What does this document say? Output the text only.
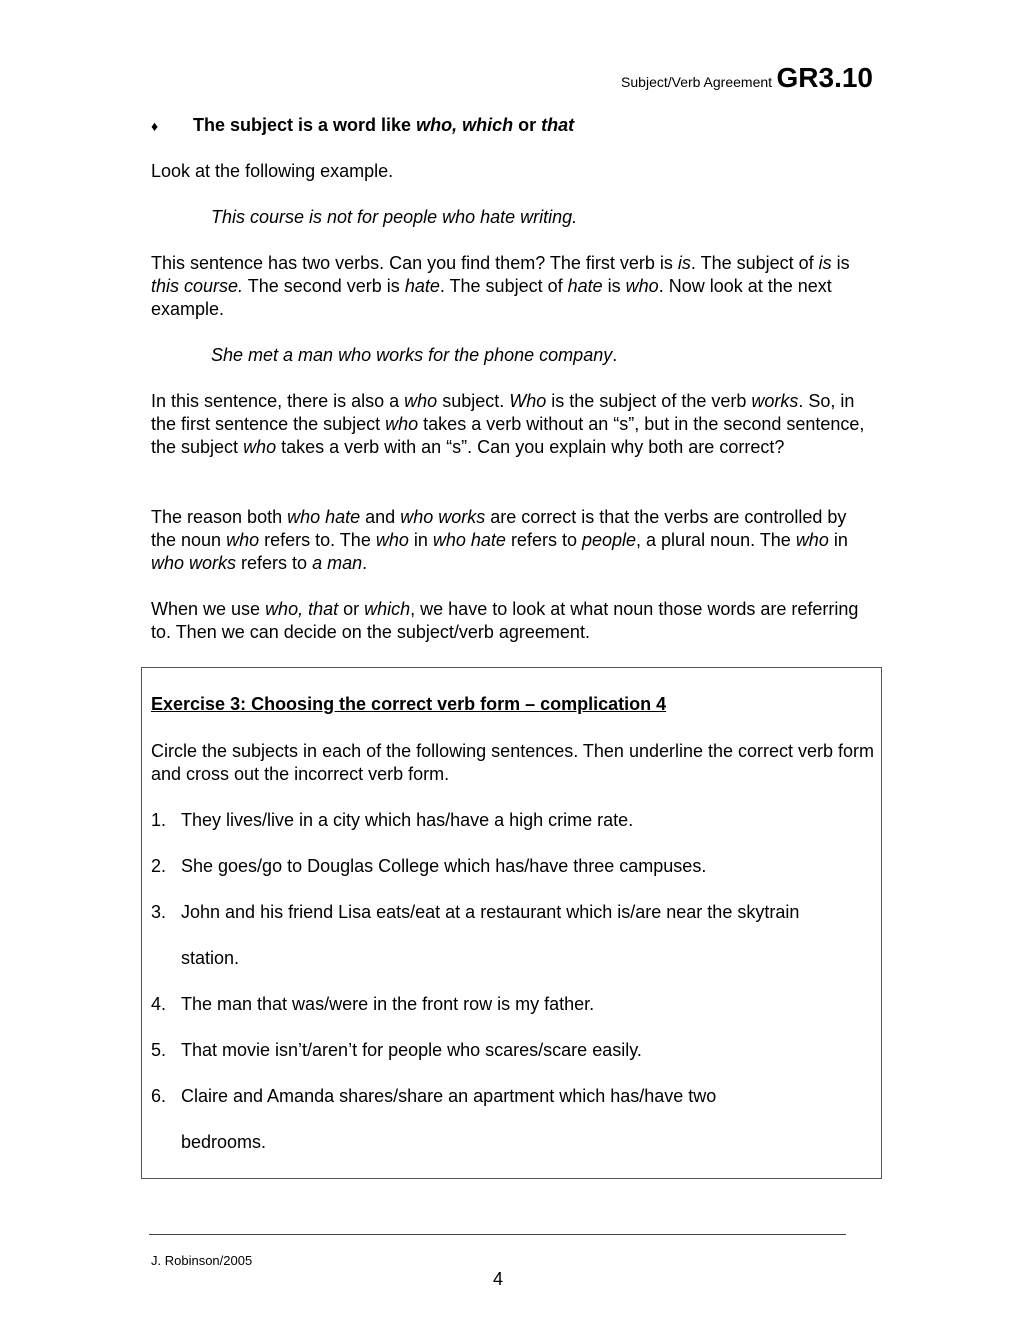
Subject/Verb Agreement GR3.10
♦ The subject is a word like who, which or that
Look at the following example.
This course is not for people who hate writing.
This sentence has two verbs. Can you find them? The first verb is is. The subject of is is this course. The second verb is hate. The subject of hate is who. Now look at the next example.
She met a man who works for the phone company.
In this sentence, there is also a who subject. Who is the subject of the verb works. So, in the first sentence the subject who takes a verb without an “s”, but in the second sentence, the subject who takes a verb with an “s”. Can you explain why both are correct?
The reason both who hate and who works are correct is that the verbs are controlled by the noun who refers to. The who in who hate refers to people, a plural noun. The who in who works refers to a man.
When we use who, that or which, we have to look at what noun those words are referring to. Then we can decide on the subject/verb agreement.
Exercise 3: Choosing the correct verb form – complication 4
Circle the subjects in each of the following sentences. Then underline the correct verb form and cross out the incorrect verb form.
1. They lives/live in a city which has/have a high crime rate.
2. She goes/go to Douglas College which has/have three campuses.
3. John and his friend Lisa eats/eat at a restaurant which is/are near the skytrain
station.
4. The man that was/were in the front row is my father.
5. That movie isn’t/aren’t for people who scares/scare easily.
6. Claire and Amanda shares/share an apartment which has/have two
bedrooms.
J. Robinson/2005
4
